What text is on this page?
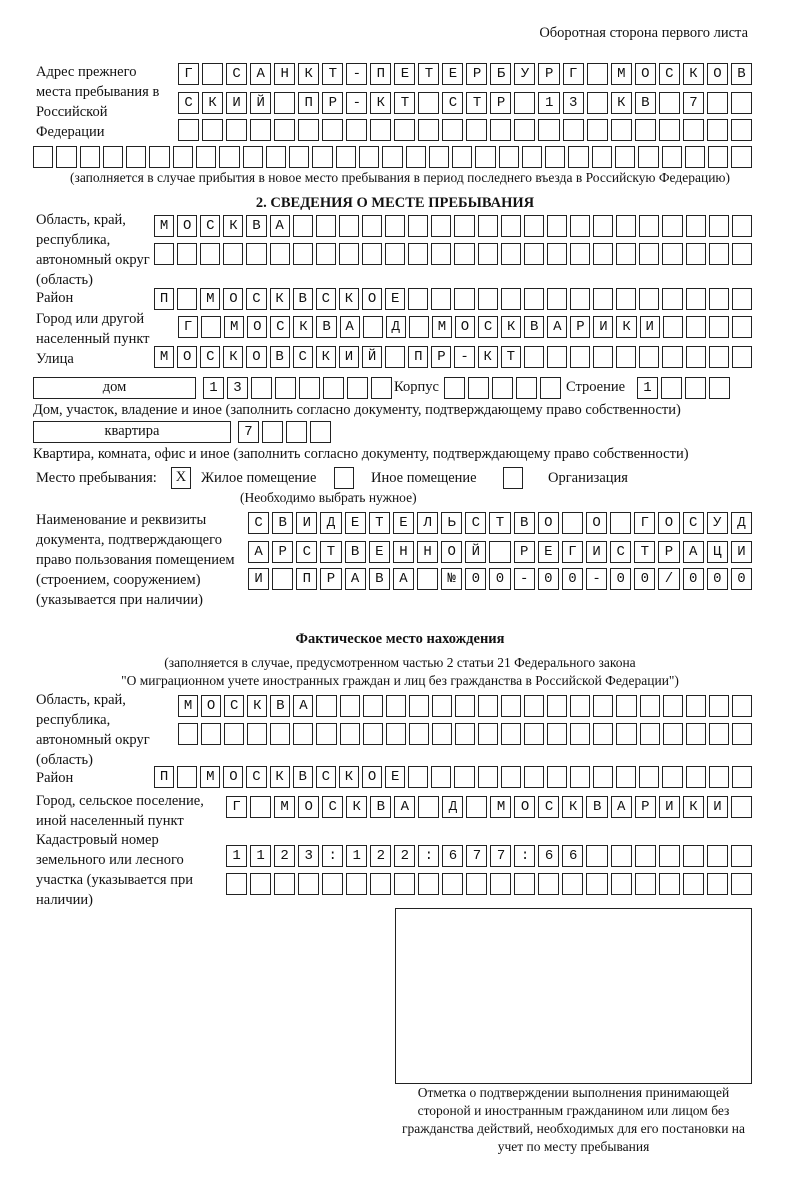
Оборотная сторона первого листа
Адрес прежнего места пребывания в Российской Федерации
Г САНКТ-ПЕТЕРБУРГ МОСКОВ
СКИЙ ПР-КТ СТР 13 КВ 7

(заполняется в случае прибытия в новое место пребывания в период последнего въезда в Российскую Федерацию)
2. СВЕДЕНИЯ О МЕСТЕ ПРЕБЫВАНИЯ
Область, край, республика, автономный округ (область)
МОСКВА

Район	П МОСКВСКОЕ
Город или другой населенный пункт
Г МОСКВА Д МОСКВАРИКИ
Улица	МОСКОВСКИЙ ПР-КТ
дом	13
Корпус
	Строение	1
Дом, участок, владение и иное (заполнить согласно документу, подтверждающему право собственности)
квартира	7
Квартира, комната, офис и иное (заполнить согласно документу, подтверждающему право собственности)
Место пребывания:	X	Жилое помещение	Иное помещение	Организация
(Необходимо выбрать нужное)
Наименование и реквизиты документа, подтверждающего право пользования помещением (строением, сооружением) (указывается при наличии)
СВИДЕТЕЛЬСТВО О ГОСУД
АРСТВЕННОЙ РЕГИСТРАЦИ
И ПРАВА №00-00-00/000
Фактическое место нахождения
(заполняется в случае, предусмотренном частью 2 статьи 21 Федерального закона
"О миграционном учете иностранных граждан и лиц без гражданства в Российской Федерации")
Область, край, республика, автономный округ (область)
МОСКВА

Район	П МОСКВСКОЕ
Город, сельское поселение, иной населенный пункт
Г МОСКВА Д МОСКВАРИКИ
Кадастровый номер земельного или лесного участка (указывается при наличии)
1123:122:677:66

Отметка о подтверждении выполнения принимающей стороной и иностранным гражданином или лицом без гражданства действий, необходимых для его постановки на учет по месту пребывания
